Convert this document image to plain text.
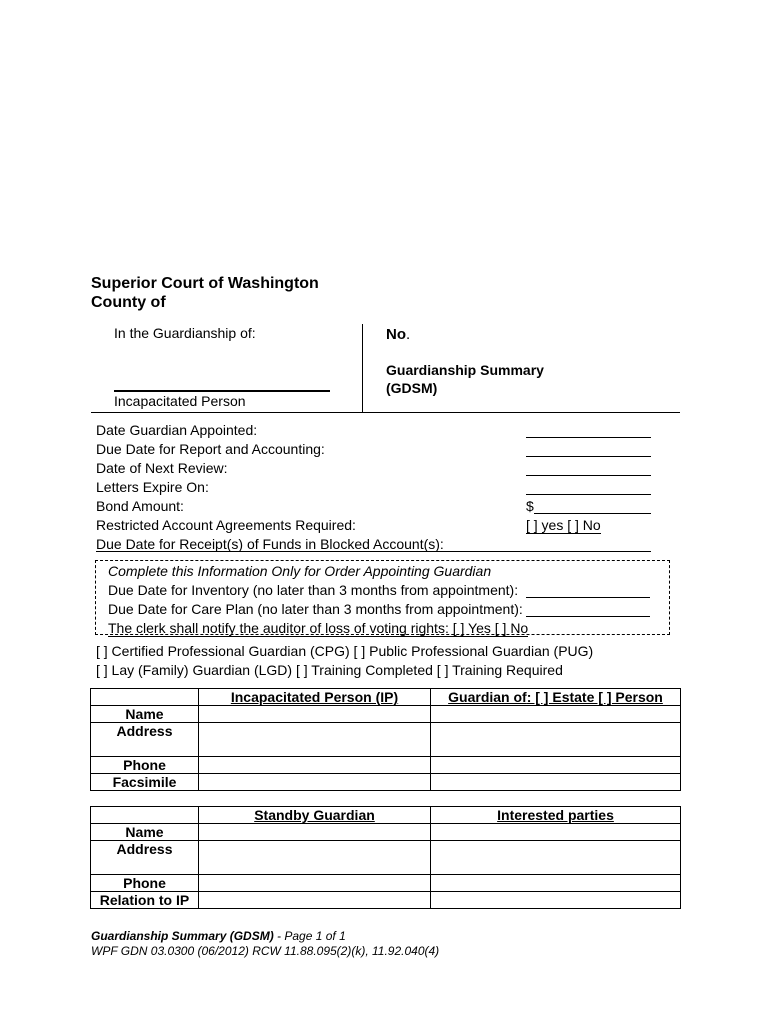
Superior Court of Washington
County of
In the Guardianship of:
Incapacitated Person
No.
Guardianship Summary
(GDSM)
Date Guardian Appointed:
Due Date for Report and Accounting:
Date of Next Review:
Letters Expire On:
Bond Amount:	$
Restricted Account Agreements Required:	[ ] yes [ ] No
Due Date for Receipt(s) of Funds in Blocked Account(s):
Complete this Information Only for Order Appointing Guardian
Due Date for Inventory (no later than 3 months from appointment):
Due Date for Care Plan (no later than 3 months from appointment):
The clerk shall notify the auditor of loss of voting rights: [ ] Yes [ ] No
[ ] Certified Professional Guardian (CPG) [ ] Public Professional Guardian (PUG)
[ ] Lay (Family) Guardian (LGD) [ ] Training Completed [ ] Training Required
	Incapacitated Person (IP)	Guardian of: [ ] Estate [ ] Person
Name		
Address		
Phone		
Facsimile		
	Standby Guardian	Interested parties
Name		
Address		
Phone		
Relation to IP		
Guardianship Summary (GDSM) - Page 1 of 1
WPF GDN 03.0300 (06/2012) RCW 11.88.095(2)(k), 11.92.040(4)
